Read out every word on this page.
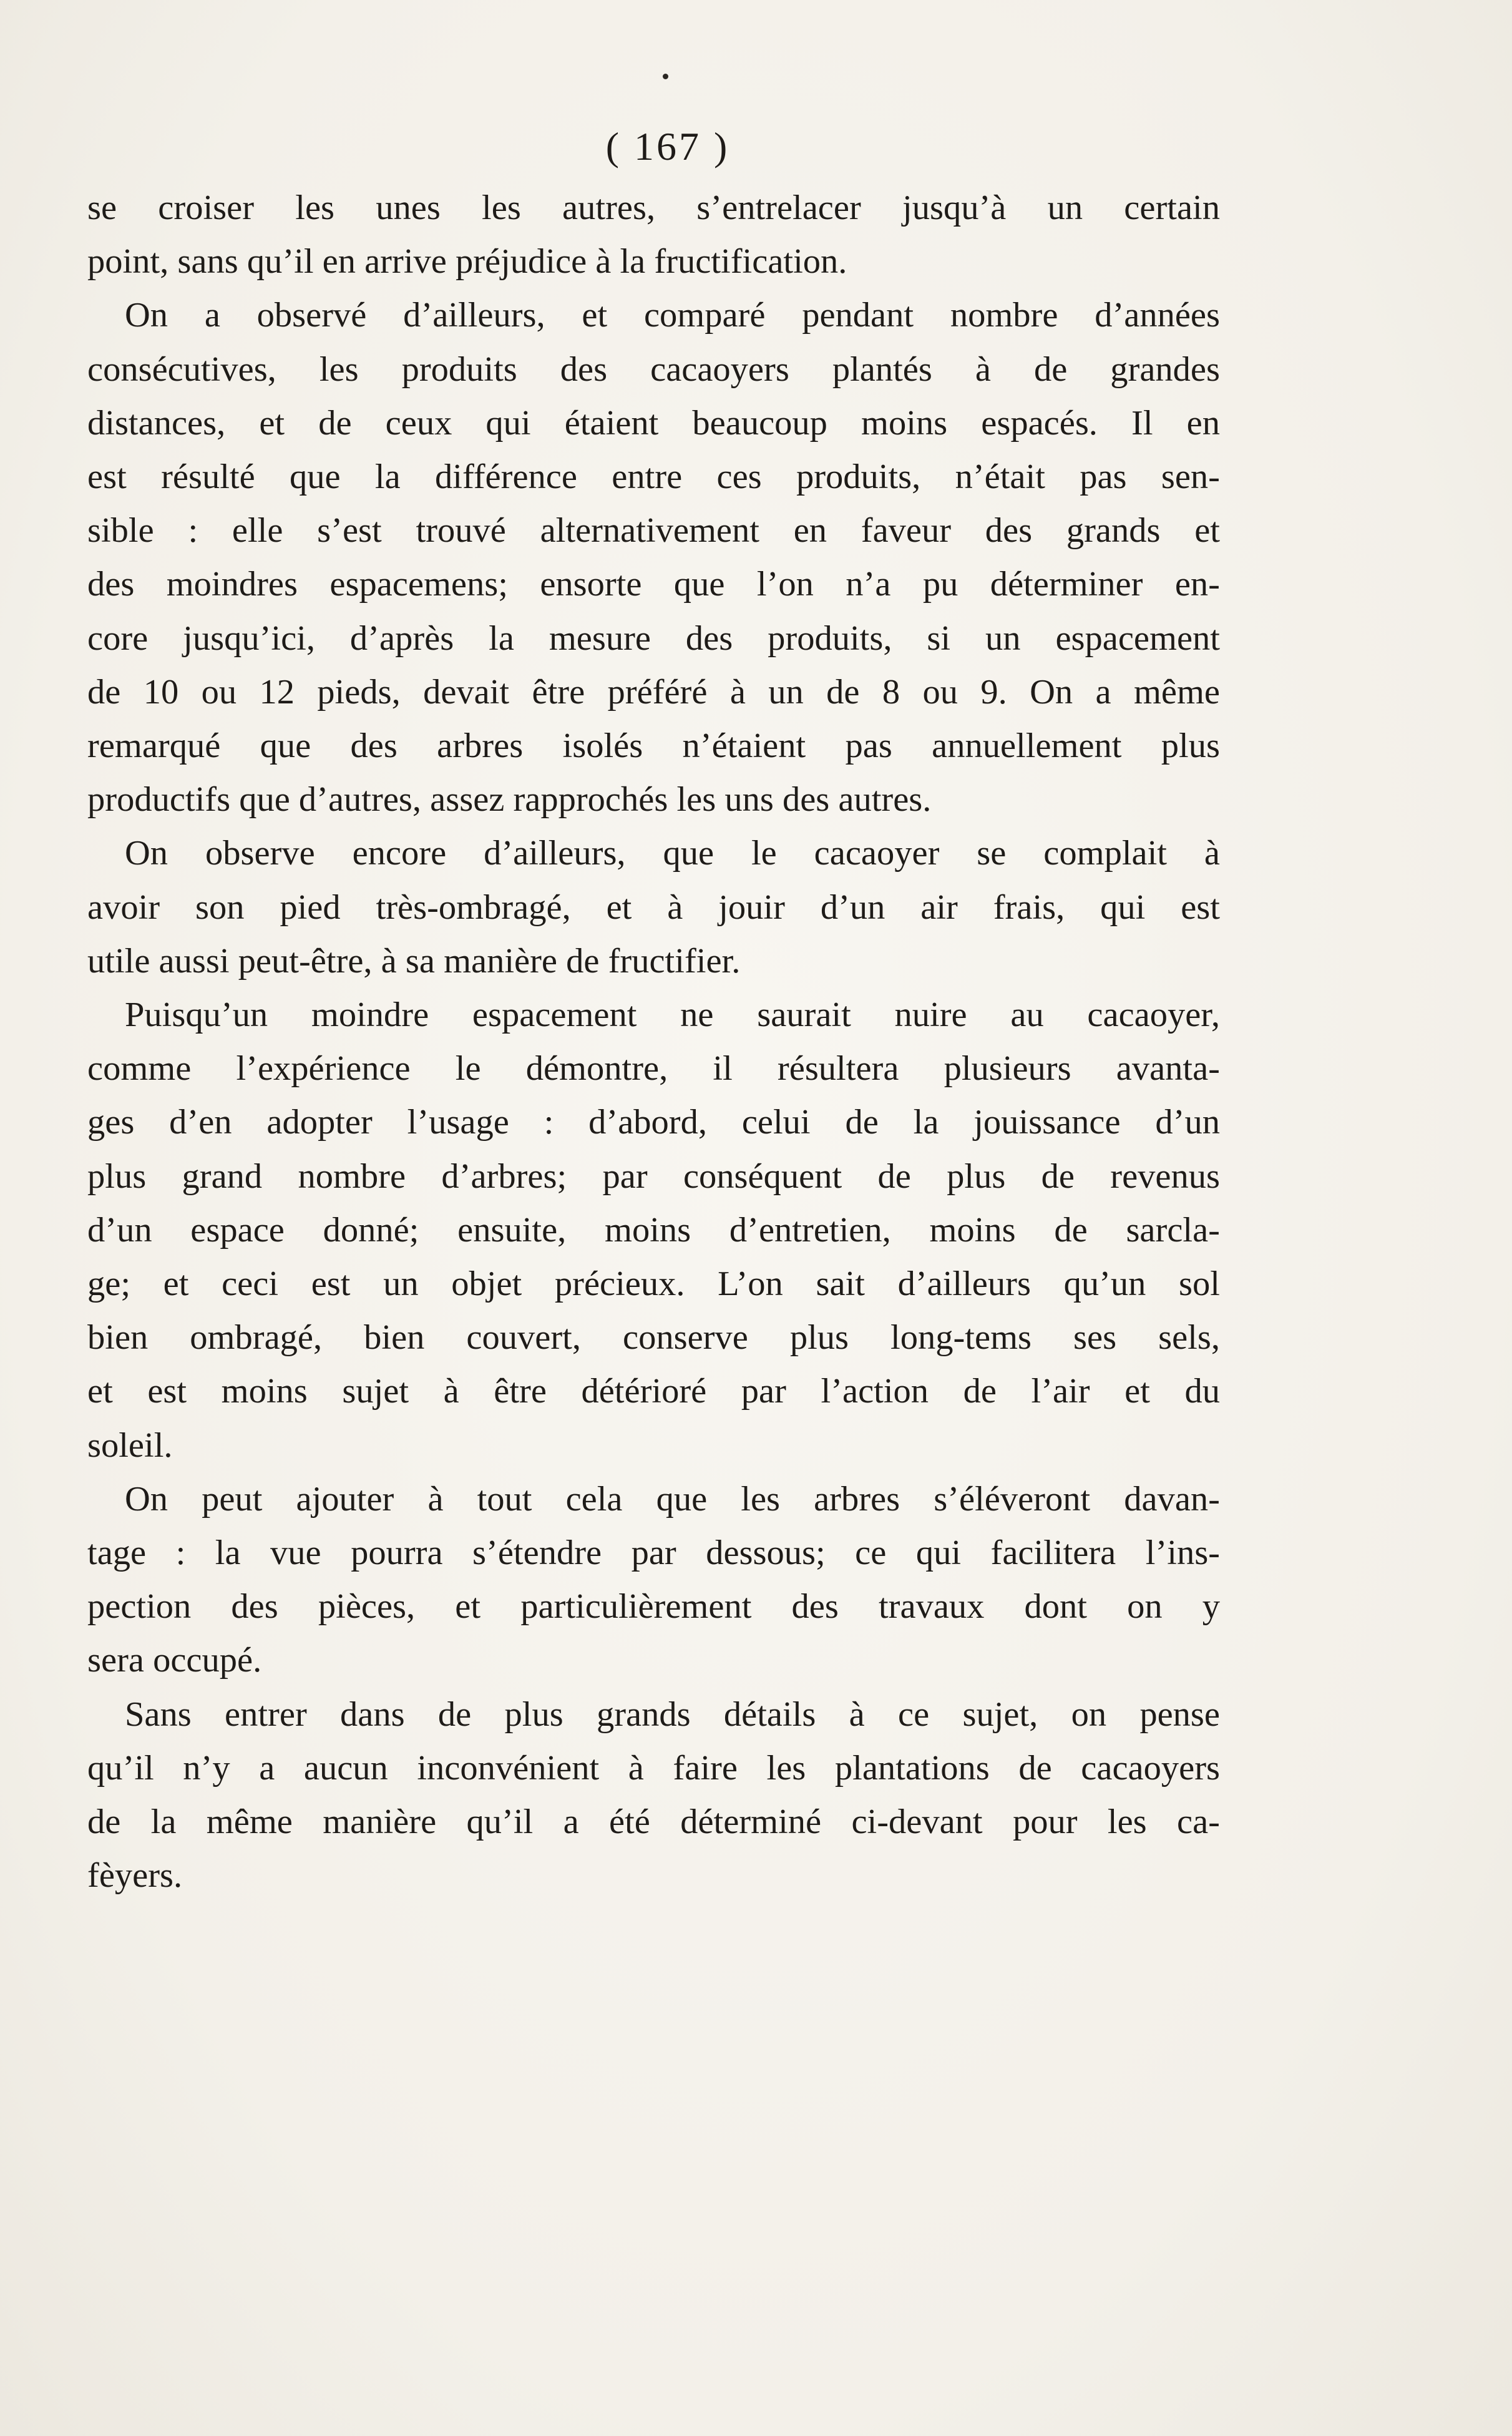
( 167 )

se croiser les unes les autres, s’entrelacer jusqu’à un certain
point, sans qu’il en arrive préjudice à la fructification.

On a observé d’ailleurs, et comparé pendant nombre d’années
consécutives, les produits des cacaoyers plantés à de grandes
distances, et de ceux qui étaient beaucoup moins espacés. Il en
est résulté que la différence entre ces produits, n’était pas sen-
sible : elle s’est trouvé alternativement en faveur des grands et
des moindres espacemens; ensorte que l’on n’a pu déterminer en-
core jusqu’ici, d’après la mesure des produits, si un espacement
de 10 ou 12 pieds, devait être préféré à un de 8 ou 9. On a même
remarqué que des arbres isolés n’étaient pas annuellement plus
productifs que d’autres, assez rapprochés les uns des autres.

On observe encore d’ailleurs, que le cacaoyer se complait à
avoir son pied très-ombragé, et à jouir d’un air frais, qui est
utile aussi peut-être, à sa manière de fructifier.

Puisqu’un moindre espacement ne saurait nuire au cacaoyer,
comme l’expérience le démontre, il résultera plusieurs avanta-
ges d’en adopter l’usage : d’abord, celui de la jouissance d’un
plus grand nombre d’arbres; par conséquent de plus de revenus
d’un espace donné; ensuite, moins d’entretien, moins de sarcla-
ge; et ceci est un objet précieux. L’on sait d’ailleurs qu’un sol
bien ombragé, bien couvert, conserve plus long-tems ses sels,
et est moins sujet à être détérioré par l’action de l’air et du
soleil.

On peut ajouter à tout cela que les arbres s’éléveront davan-
tage : la vue pourra s’étendre par dessous; ce qui facilitera l’ins-
pection des pièces, et particulièrement des travaux dont on y
sera occupé.

Sans entrer dans de plus grands détails à ce sujet, on pense
qu’il n’y a aucun inconvénient à faire les plantations de cacaoyers
de la même manière qu’il a été déterminé ci-devant pour les ca-
fèyers.
